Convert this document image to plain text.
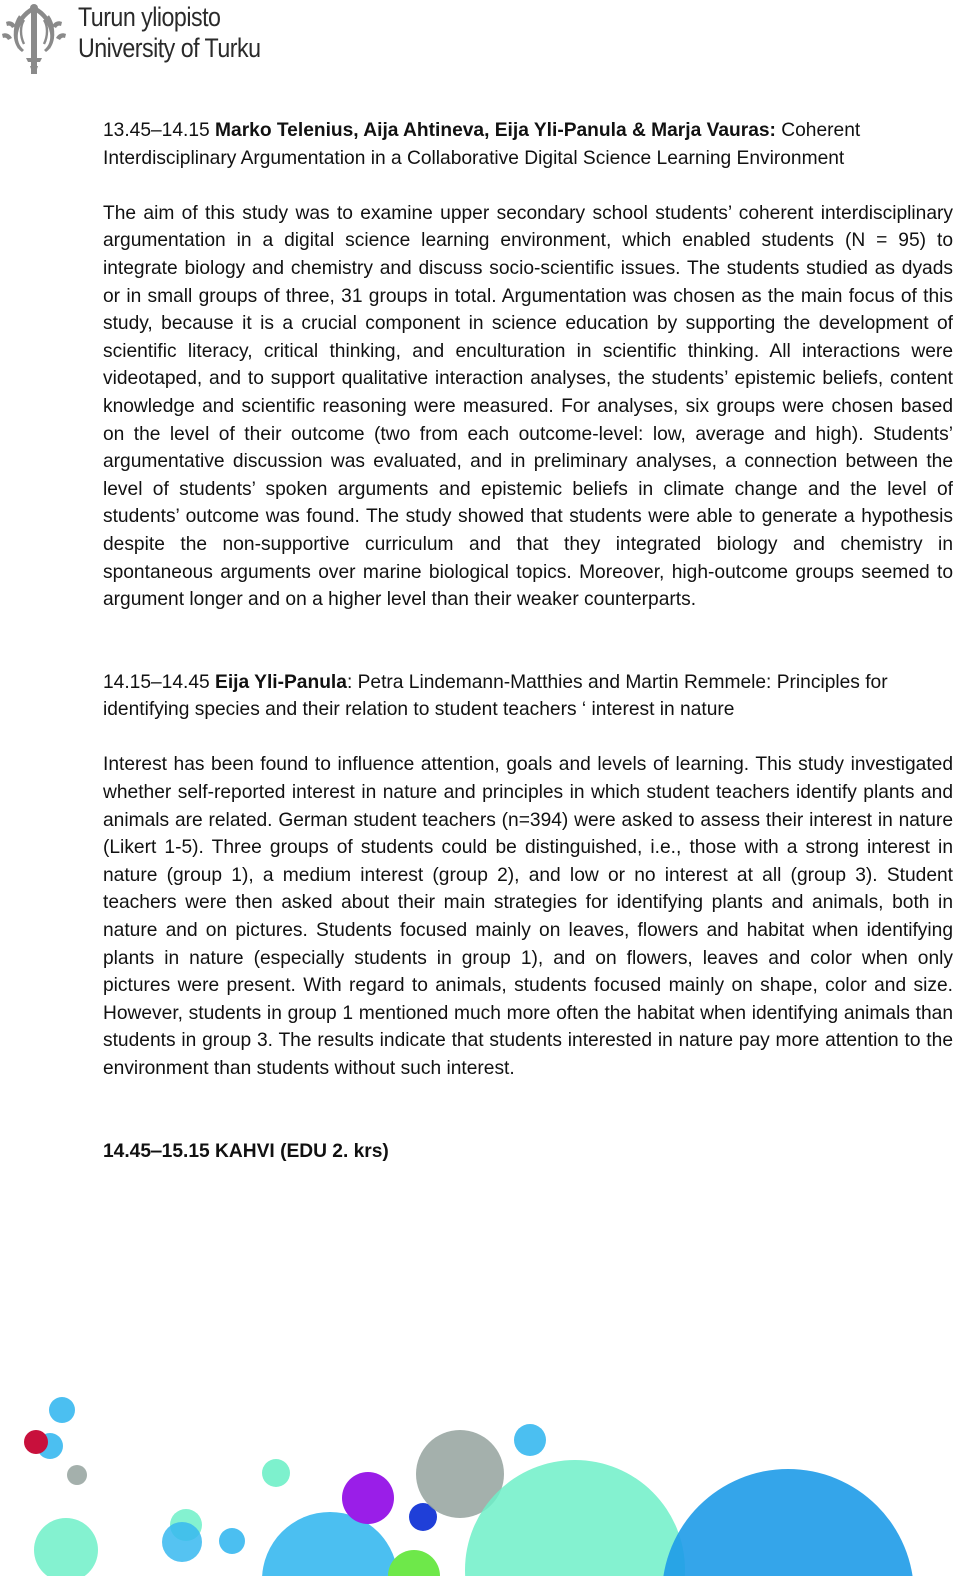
Turun yliopisto
University of Turku

13.45‒14.15 Marko Telenius, Aija Ahtineva, Eija Yli-Panula & Marja Vauras: Coherent Interdisciplinary Argumentation in a Collaborative Digital Science Learning Environment

The aim of this study was to examine upper secondary school students’ coherent interdisciplinary argumentation in a digital science learning environment, which enabled students (N = 95) to integrate biology and chemistry and discuss socio-scientific issues. The students studied as dyads or in small groups of three, 31 groups in total. Argumentation was chosen as the main focus of this study, because it is a crucial component in science education by supporting the development of scientific literacy, critical thinking, and enculturation in scientific thinking. All interactions were videotaped, and to support qualitative interaction analyses, the students’ epistemic beliefs, content knowledge and scientific reasoning were measured. For analyses, six groups were chosen based on the level of their outcome (two from each outcome-level: low, average and high). Students’ argumentative discussion was evaluated, and in preliminary analyses, a connection between the level of students’ spoken arguments and epistemic beliefs in climate change and the level of students’ outcome was found. The study showed that students were able to generate a hypothesis despite the non-supportive curriculum and that they integrated biology and chemistry in spontaneous arguments over marine biological topics. Moreover, high-outcome groups seemed to argument longer and on a higher level than their weaker counterparts.

14.15‒14.45 Eija Yli-Panula: Petra Lindemann-Matthies and Martin Remmele: Principles for identifying species and their relation to student teachers ‘ interest in nature

Interest has been found to influence attention, goals and levels of learning. This study investigated whether self-reported interest in nature and principles in which student teachers identify plants and animals are related. German student teachers (n=394) were asked to assess their interest in nature (Likert 1-5). Three groups of students could be distinguished, i.e., those with a strong interest in nature (group 1), a medium interest (group 2), and low or no interest at all (group 3). Student teachers were then asked about their main strategies for identifying plants and animals, both in nature and on pictures. Students focused mainly on leaves, flowers and habitat when identifying plants in nature (especially students in group 1), and on flowers, leaves and color when only pictures were present. With regard to animals, students focused mainly on shape, color and size. However, students in group 1 mentioned much more often the habitat when identifying animals than students in group 3. The results indicate that students interested in nature pay more attention to the environment than students without such interest.

14.45‒15.15 KAHVI (EDU 2. krs)
